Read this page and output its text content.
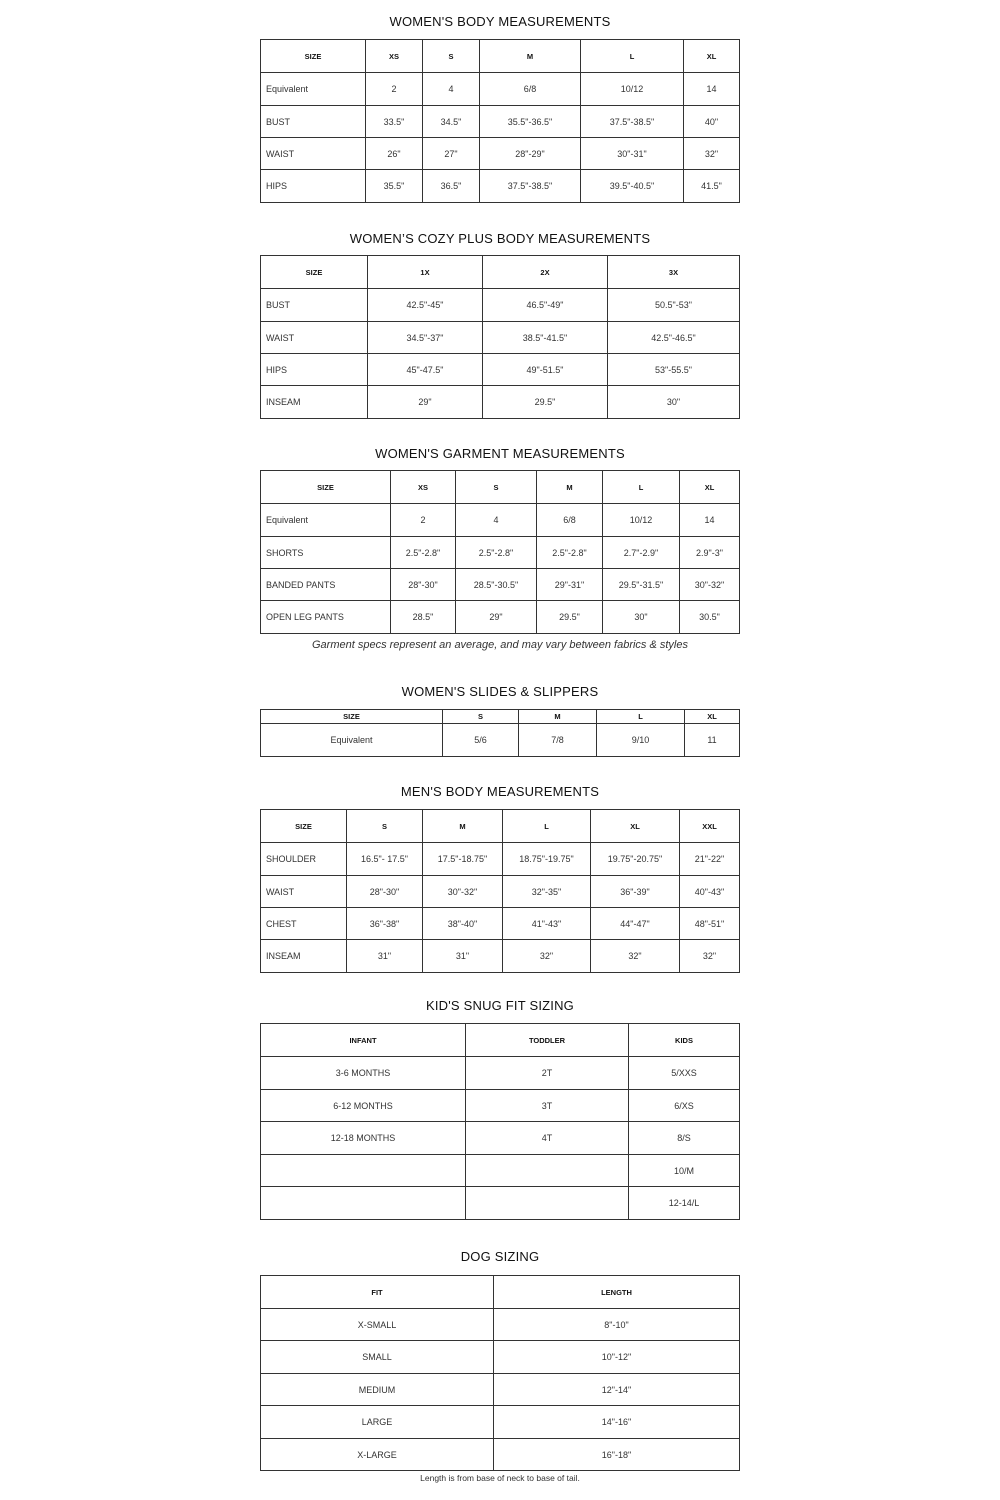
WOMEN'S BODY MEASUREMENTS
SIZE	XS	S	M	L	XL
Equivalent	2	4	6/8	10/12	14
BUST	33.5"	34.5"	35.5"-36.5"	37.5"-38.5"	40"
WAIST	26"	27"	28"-29"	30"-31"	32"
HIPS	35.5"	36.5"	37.5"-38.5"	39.5"-40.5"	41.5"
WOMEN’S COZY PLUS BODY MEASUREMENTS
SIZE	1X	2X	3X
BUST	42.5"-45"	46.5"-49"	50.5"-53"
WAIST	34.5"-37"	38.5"-41.5"	42.5"-46.5"
HIPS	45"-47.5"	49"-51.5"	53"-55.5"
INSEAM	29"	29.5"	30"
WOMEN'S GARMENT MEASUREMENTS
SIZE	XS	S	M	L	XL
Equivalent	2	4	6/8	10/12	14
SHORTS	2.5"-2.8"	2.5"-2.8"	2.5"-2.8"	2.7"-2.9"	2.9"-3"
BANDED PANTS	28"-30"	28.5"-30.5"	29"-31"	29.5"-31.5"	30"-32"
OPEN LEG PANTS	28.5"	29"	29.5"	30"	30.5"

Garment specs represent an average, and may vary between fabrics & styles

WOMEN'S SLIDES & SLIPPERS
SIZE	S	M	L	XL
Equivalent	5/6	7/8	9/10	11
MEN'S BODY MEASUREMENTS
SIZE	S	M	L	XL	XXL
SHOULDER	16.5"- 17.5"	17.5"-18.75"	18.75"-19.75"	19.75"-20.75"	21"-22"
WAIST	28"-30"	30"-32"	32"-35"	36"-39"	40"-43"
CHEST	36"-38"	38"-40"	41"-43"	44"-47"	48"-51"
INSEAM	31"	31"	32"	32"	32"
KID'S SNUG FIT SIZING
INFANT	TODDLER	KIDS
3-6 MONTHS	2T	5/XXS
6-12 MONTHS	3T	6/XS
12-18 MONTHS	4T	8/S
		10/M
		12-14/L
DOG SIZING
FIT	LENGTH
X-SMALL	8"-10"
SMALL	10"-12"
MEDIUM	12"-14"
LARGE	14"-16"
X-LARGE	16"-18"

Length is from base of neck to base of tail.
